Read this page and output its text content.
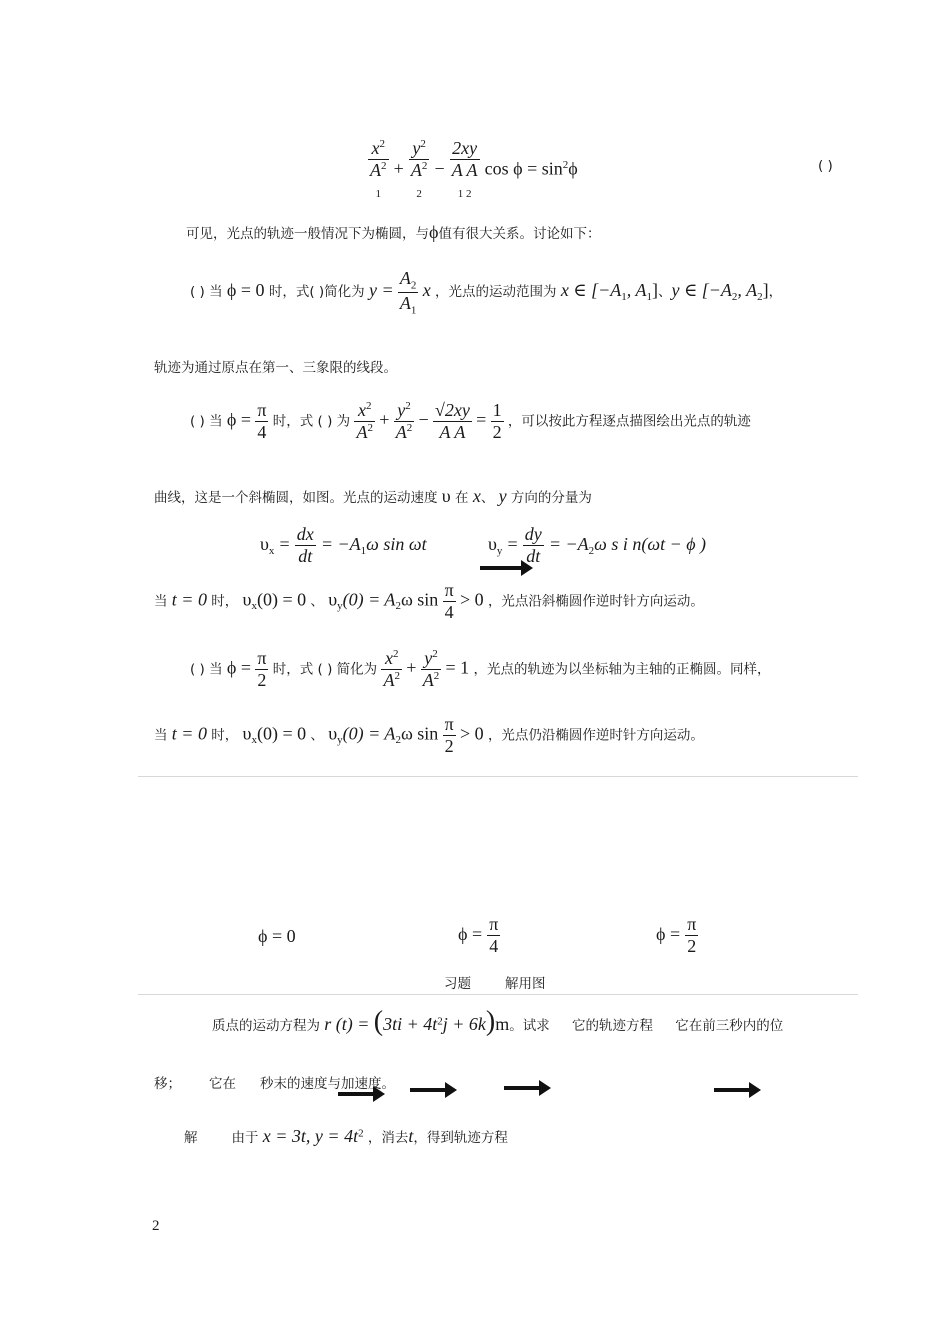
$x^2$
$A^2$
1
+
$y^2$
$A^2$
2
−
2xy
A A
1 2
$\cos \phi = \sin^2\phi$	( )
可见，光点的轨迹一般情况下为椭圆，与ϕ值有很大关系。讨论如下：
( ) 当 ϕ = 0 时，式( )简化为 $y = \frac{A_2}{A_1}$ x ，光点的运动范围为 x ∈ [$-A_1$, $A_1$]、y ∈ [$-A_2$, $A_2$]，
轨迹为通过原点在第一、三象限的线段。
( ) 当 $\phi = \frac{\pi}{4}$ 时，式 ( ) 为 $\frac{x^2}{A^2} + \frac{y^2}{A^2} - \frac{√2xy}{\text{A A}} = \frac{1}{2}$ ，可以按此方程逐点描图绘出光点的轨迹
曲线，这是一个斜椭圆，如图。光点的运动速度 υ 在 x、 y 方向的分量为
$\upsilon_x = \frac{dx}{dt} = -A_1\omega$ sin ωt	$\upsilon_y = \frac{dy}{dt} = -A_2\omega$ s i n(ωt − ϕ )
当 t = 0 时， $\upsilon_x(0) = 0$ 、 $\upsilon_y(0) = A_2\omega$ $\sin \frac{\pi}{4} > 0$ ，光点沿斜椭圆作逆时针方向运动。
( ) 当 $\phi = \frac{\pi}{2}$ 时，式 ( ) 简化为 $\frac{x^2}{A^2} + \frac{y^2}{A^2} = 1$ ，光点的轨迹为以坐标轴为主轴的正椭圆。同样，
当 t = 0 时， $\upsilon_x(0) = 0$ 、 $\upsilon_y(0) = A_2\omega$ $\sin \frac{\pi}{2} > 0$ ，光点仍沿椭圆作逆时针方向运动。
ϕ = 0	$\phi = \frac{\pi}{4}$	$\phi = \frac{\pi}{2}$
习题	解用图
质点的运动方程为 r $(t) = (3ti + 4t^2j + 6k)m$。试求 它的轨迹方程 它在前三秒内的位
移； 它在 秒末的速度与加速度。
解	由于 x = 3t, $y = 4t^2$ ，消去t，得到轨迹方程
2
